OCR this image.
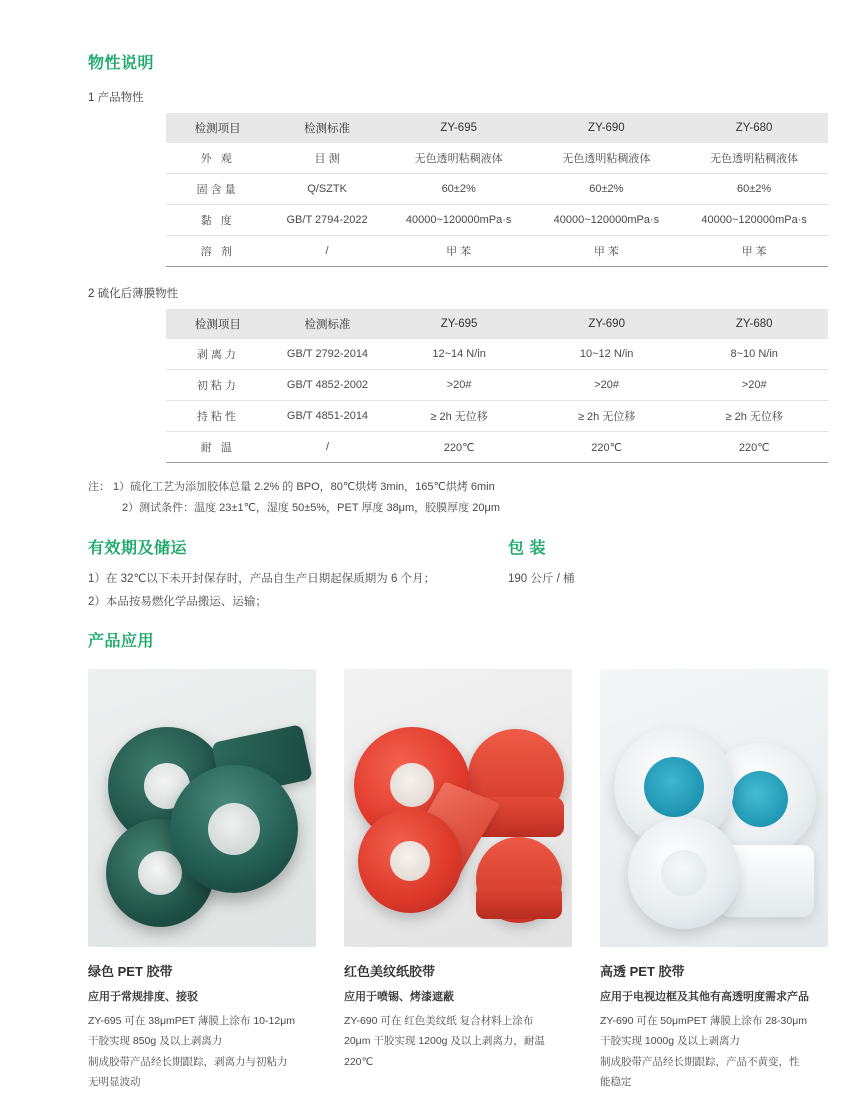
物性说明

1 产品物性

检测项目	检测标准	ZY-695	ZY-690	ZY-680
外 观	目 测	无色透明粘稠液体	无色透明粘稠液体	无色透明粘稠液体
固含量	Q/SZTK	60±2%	60±2%	60±2%
黏 度	GB/T 2794-2022	40000~120000mPa·s	40000~120000mPa·s	40000~120000mPa·s
溶 剂	/	甲 苯	甲 苯	甲 苯

2 硫化后薄膜物性

检测项目	检测标准	ZY-695	ZY-690	ZY-680
剥离力	GB/T 2792-2014	12~14 N/in	10~12 N/in	8~10 N/in
初粘力	GB/T 4852-2002	>20#	>20#	>20#
持粘性	GB/T 4851-2014	≥ 2h 无位移	≥ 2h 无位移	≥ 2h 无位移
耐 温	/	220℃	220℃	220℃
注： 1）硫化工艺为添加胶体总量 2.2% 的 BPO，80℃烘烤 3min，165℃烘烤 6min
2）测试条件：温度 23±1℃，湿度 50±5%，PET 厚度 38μm，胶膜厚度 20μm
有效期及储运
1）在 32℃以下未开封保存时，产品自生产日期起保质期为 6 个月；
2）本品按易燃化学品搬运、运输；
包 装
190 公斤 / 桶
产品应用
绿色 PET 胶带
应用于常规排度、接驳
ZY-695 可在 38μmPET 薄膜上涂布 10-12μm
干胶实现 850g 及以上剥离力
制成胶带产品经长期跟踪，剥离力与初粘力
无明显波动
红色美纹纸胶带
应用于喷锡、烤漆遮蔽
ZY-690 可在 红色美纹纸 复合材料上涂布
20μm 干胶实现 1200g 及以上剥离力，耐温
220℃
高透 PET 胶带
应用于电视边框及其他有高透明度需求产品
ZY-690 可在 50μmPET 薄膜上涂布 28-30μm
干胶实现 1000g 及以上剥离力
制成胶带产品经长期跟踪，产品不黄变，性
能稳定
